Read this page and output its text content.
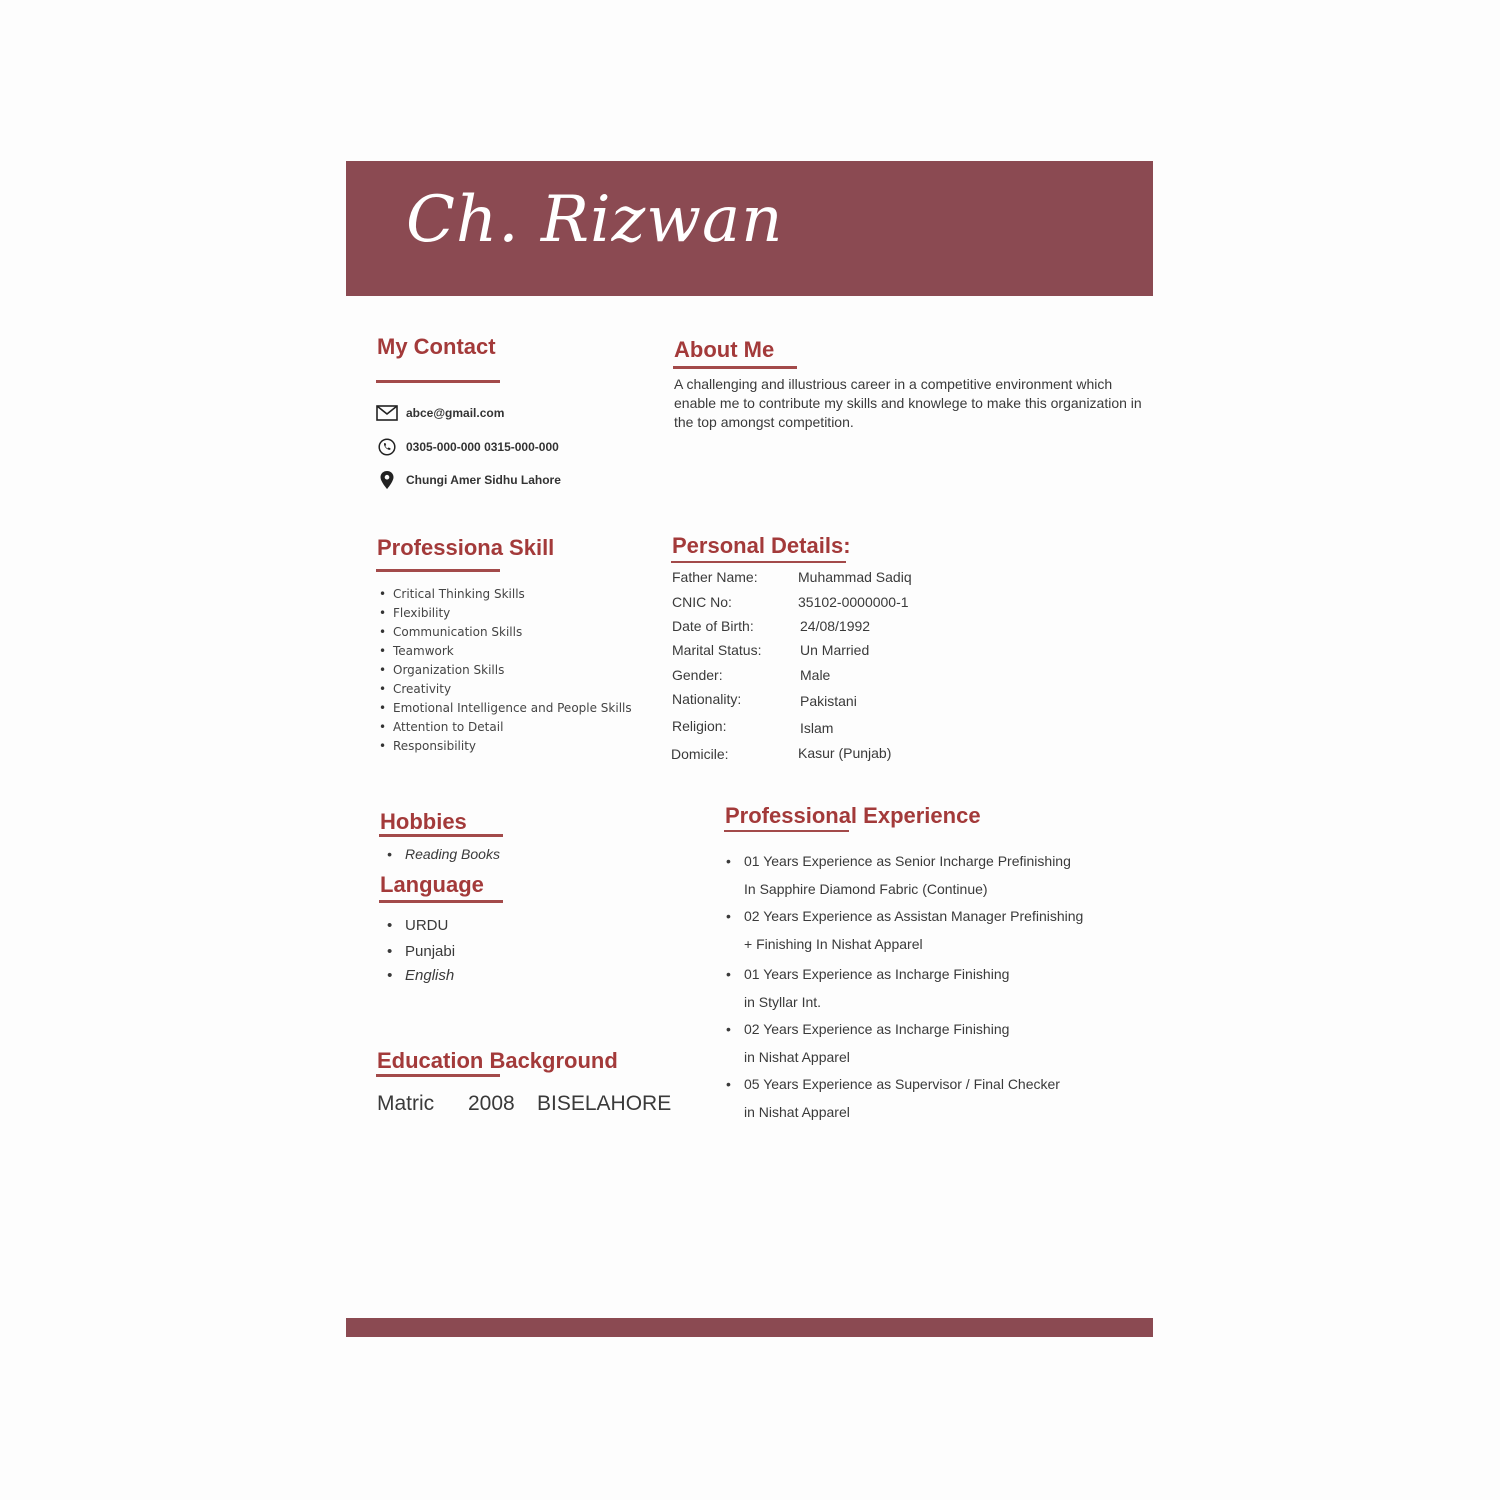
Ch. Rizwan
My Contact
abce@gmail.com
0305-000-000 0315-000-000
Chungi Amer Sidhu Lahore
About Me

A challenging and illustrious career in a competitive environment which enable me to contribute my skills and knowlege to make this organization in the top amongst competition.

Professiona Skill
• Critical Thinking Skills
• Flexibility
• Communication Skills
• Teamwork
• Organization Skills
• Creativity
• Emotional Intelligence and People Skills
• Attention to Detail
• Responsibility
Personal Details:
Father Name:	Muhammad Sadiq
CNIC No:	35102-0000000-1
Date of Birth:	24/08/1992
Marital Status:	Un Married
Gender:	Male
Nationality:	Pakistani
Religion:	Islam
Domicile:	Kasur (Punjab)
Hobbies
• Reading Books
Language
• URDU
• Punjabi
• English
Education Background
Matric 2008 BISELAHORE
Professional Experience
• 01 Years Experience as Senior Incharge Prefinishing
In Sapphire Diamond Fabric (Continue)
• 02 Years Experience as Assistan Manager Prefinishing
+ Finishing In Nishat Apparel
• 01 Years Experience as Incharge Finishing
in Styllar Int.
• 02 Years Experience as Incharge Finishing
in Nishat Apparel
• 05 Years Experience as Supervisor / Final Checker
in Nishat Apparel
